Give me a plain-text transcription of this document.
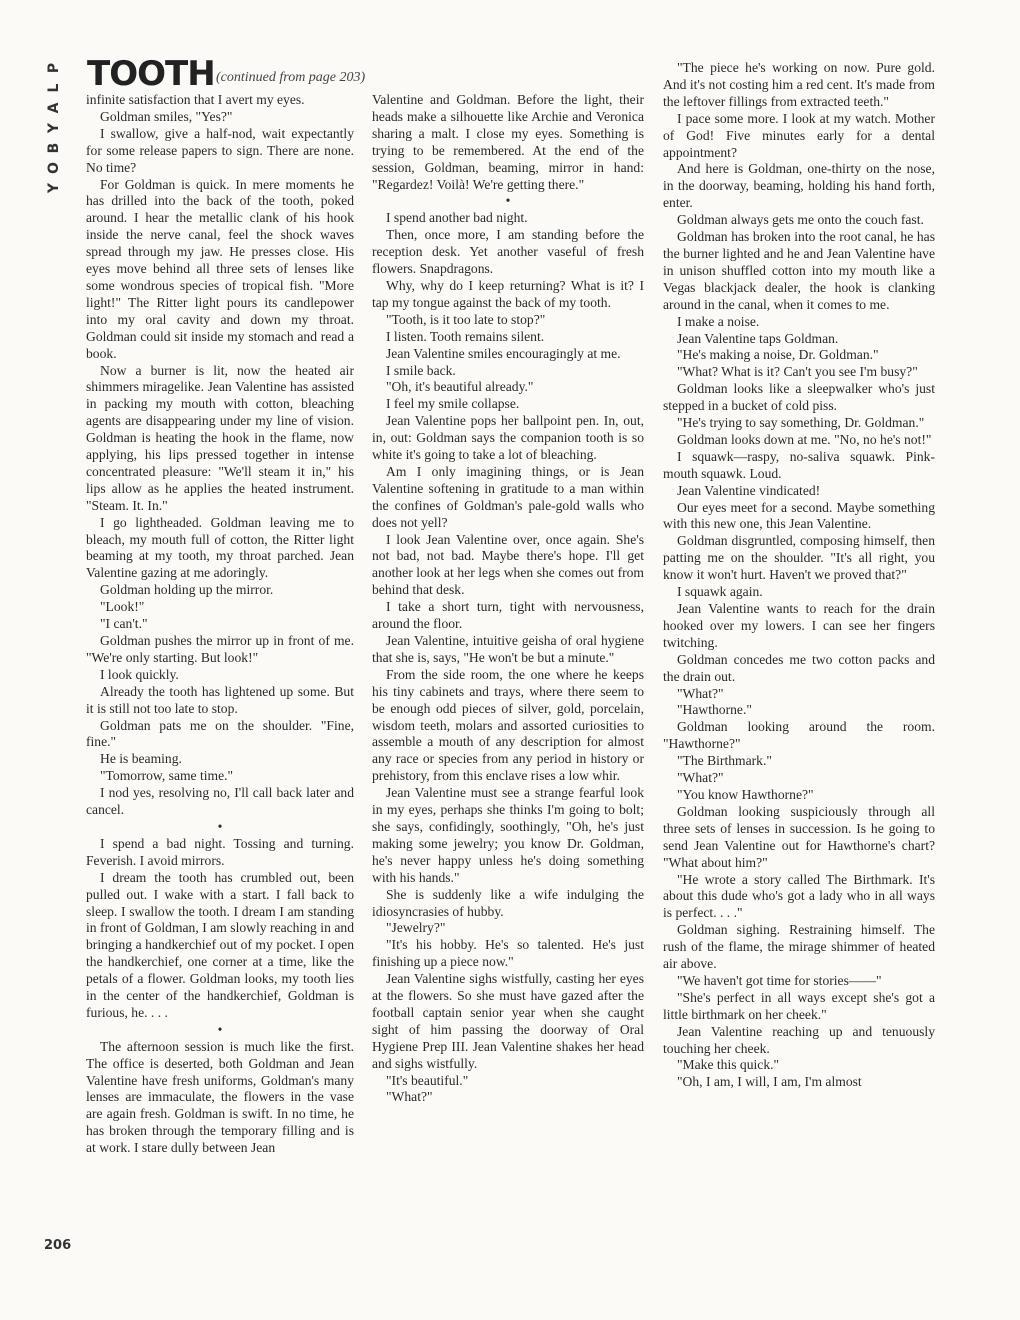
P
L
A
Y
B
O
Y
TOOTH (continued from page 203)

infinite satisfaction that I avert my eyes.

Goldman smiles, "Yes?"

I swallow, give a half-nod, wait expectantly for some release papers to sign. There are none. No time?

For Goldman is quick. In mere moments he has drilled into the back of the tooth, poked around. I hear the metallic clank of his hook inside the nerve canal, feel the shock waves spread through my jaw. He presses close. His eyes move behind all three sets of lenses like some wondrous species of tropical fish. "More light!" The Ritter light pours its candlepower into my oral cavity and down my throat. Goldman could sit inside my stomach and read a book.

Now a burner is lit, now the heated air shimmers miragelike. Jean Valentine has assisted in packing my mouth with cotton, bleaching agents are disappearing under my line of vision. Goldman is heating the hook in the flame, now applying, his lips pressed together in intense concentrated pleasure: "We'll steam it in," his lips allow as he applies the heated instrument. "Steam. It. In."

I go lightheaded. Goldman leaving me to bleach, my mouth full of cotton, the Ritter light beaming at my tooth, my throat parched. Jean Valentine gazing at me adoringly.

Goldman holding up the mirror.

"Look!"

"I can't."

Goldman pushes the mirror up in front of me. "We're only starting. But look!"

I look quickly.

Already the tooth has lightened up some. But it is still not too late to stop.

Goldman pats me on the shoulder. "Fine, fine."

He is beaming.

"Tomorrow, same time."

I nod yes, resolving no, I'll call back later and cancel.

•

I spend a bad night. Tossing and turning. Feverish. I avoid mirrors.

I dream the tooth has crumbled out, been pulled out. I wake with a start. I fall back to sleep. I swallow the tooth. I dream I am standing in front of Goldman, I am slowly reaching in and bringing a handkerchief out of my pocket. I open the handkerchief, one corner at a time, like the petals of a flower. Goldman looks, my tooth lies in the center of the handkerchief, Goldman is furious, he. . . .

•

The afternoon session is much like the first. The office is deserted, both Goldman and Jean Valentine have fresh uniforms, Goldman's many lenses are immaculate, the flowers in the vase are again fresh. Goldman is swift. In no time, he has broken through the temporary filling and is at work. I stare dully between Jean

Valentine and Goldman. Before the light, their heads make a silhouette like Archie and Veronica sharing a malt. I close my eyes. Something is trying to be remembered. At the end of the session, Goldman, beaming, mirror in hand: "Regardez! Voilà! We're getting there."

•

I spend another bad night.

Then, once more, I am standing before the reception desk. Yet another vaseful of fresh flowers. Snapdragons.

Why, why do I keep returning? What is it? I tap my tongue against the back of my tooth.

"Tooth, is it too late to stop?"

I listen. Tooth remains silent.

Jean Valentine smiles encouragingly at me.

I smile back.

"Oh, it's beautiful already."

I feel my smile collapse.

Jean Valentine pops her ballpoint pen. In, out, in, out: Goldman says the companion tooth is so white it's going to take a lot of bleaching.

Am I only imagining things, or is Jean Valentine softening in gratitude to a man within the confines of Goldman's pale-gold walls who does not yell?

I look Jean Valentine over, once again. She's not bad, not bad. Maybe there's hope. I'll get another look at her legs when she comes out from behind that desk.

I take a short turn, tight with nervousness, around the floor.

Jean Valentine, intuitive geisha of oral hygiene that she is, says, "He won't be but a minute."

From the side room, the one where he keeps his tiny cabinets and trays, where there seem to be enough odd pieces of silver, gold, porcelain, wisdom teeth, molars and assorted curiosities to assemble a mouth of any description for almost any race or species from any period in history or prehistory, from this enclave rises a low whir.

Jean Valentine must see a strange fearful look in my eyes, perhaps she thinks I'm going to bolt; she says, confidingly, soothingly, "Oh, he's just making some jewelry; you know Dr. Goldman, he's never happy unless he's doing something with his hands."

She is suddenly like a wife indulging the idiosyncrasies of hubby.

"Jewelry?"

"It's his hobby. He's so talented. He's just finishing up a piece now."

Jean Valentine sighs wistfully, casting her eyes at the flowers. So she must have gazed after the football captain senior year when she caught sight of him passing the doorway of Oral Hygiene Prep III. Jean Valentine shakes her head and sighs wistfully.

"It's beautiful."

"What?"

"The piece he's working on now. Pure gold. And it's not costing him a red cent. It's made from the leftover fillings from extracted teeth."

I pace some more. I look at my watch. Mother of God! Five minutes early for a dental appointment?

And here is Goldman, one-thirty on the nose, in the doorway, beaming, holding his hand forth, enter.

Goldman always gets me onto the couch fast.

Goldman has broken into the root canal, he has the burner lighted and he and Jean Valentine have in unison shuffled cotton into my mouth like a Vegas blackjack dealer, the hook is clanking around in the canal, when it comes to me.

I make a noise.

Jean Valentine taps Goldman.

"He's making a noise, Dr. Goldman."

"What? What is it? Can't you see I'm busy?"

Goldman looks like a sleepwalker who's just stepped in a bucket of cold piss.

"He's trying to say something, Dr. Goldman."

Goldman looks down at me. "No, no he's not!"

I squawk—raspy, no-saliva squawk. Pink-mouth squawk. Loud.

Jean Valentine vindicated!

Our eyes meet for a second. Maybe something with this new one, this Jean Valentine.

Goldman disgruntled, composing himself, then patting me on the shoulder. "It's all right, you know it won't hurt. Haven't we proved that?"

I squawk again.

Jean Valentine wants to reach for the drain hooked over my lowers. I can see her fingers twitching.

Goldman concedes me two cotton packs and the drain out.

"What?"

"Hawthorne."

Goldman looking around the room. "Hawthorne?"

"The Birthmark."

"What?"

"You know Hawthorne?"

Goldman looking suspiciously through all three sets of lenses in succession. Is he going to send Jean Valentine out for Hawthorne's chart? "What about him?"

"He wrote a story called The Birthmark. It's about this dude who's got a lady who in all ways is perfect. . . ."

Goldman sighing. Restraining himself. The rush of the flame, the mirage shimmer of heated air above.

"We haven't got time for stories——"

"She's perfect in all ways except she's got a little birthmark on her cheek."

Jean Valentine reaching up and tenuously touching her cheek.

"Make this quick."

"Oh, I am, I will, I am, I'm almost

206
